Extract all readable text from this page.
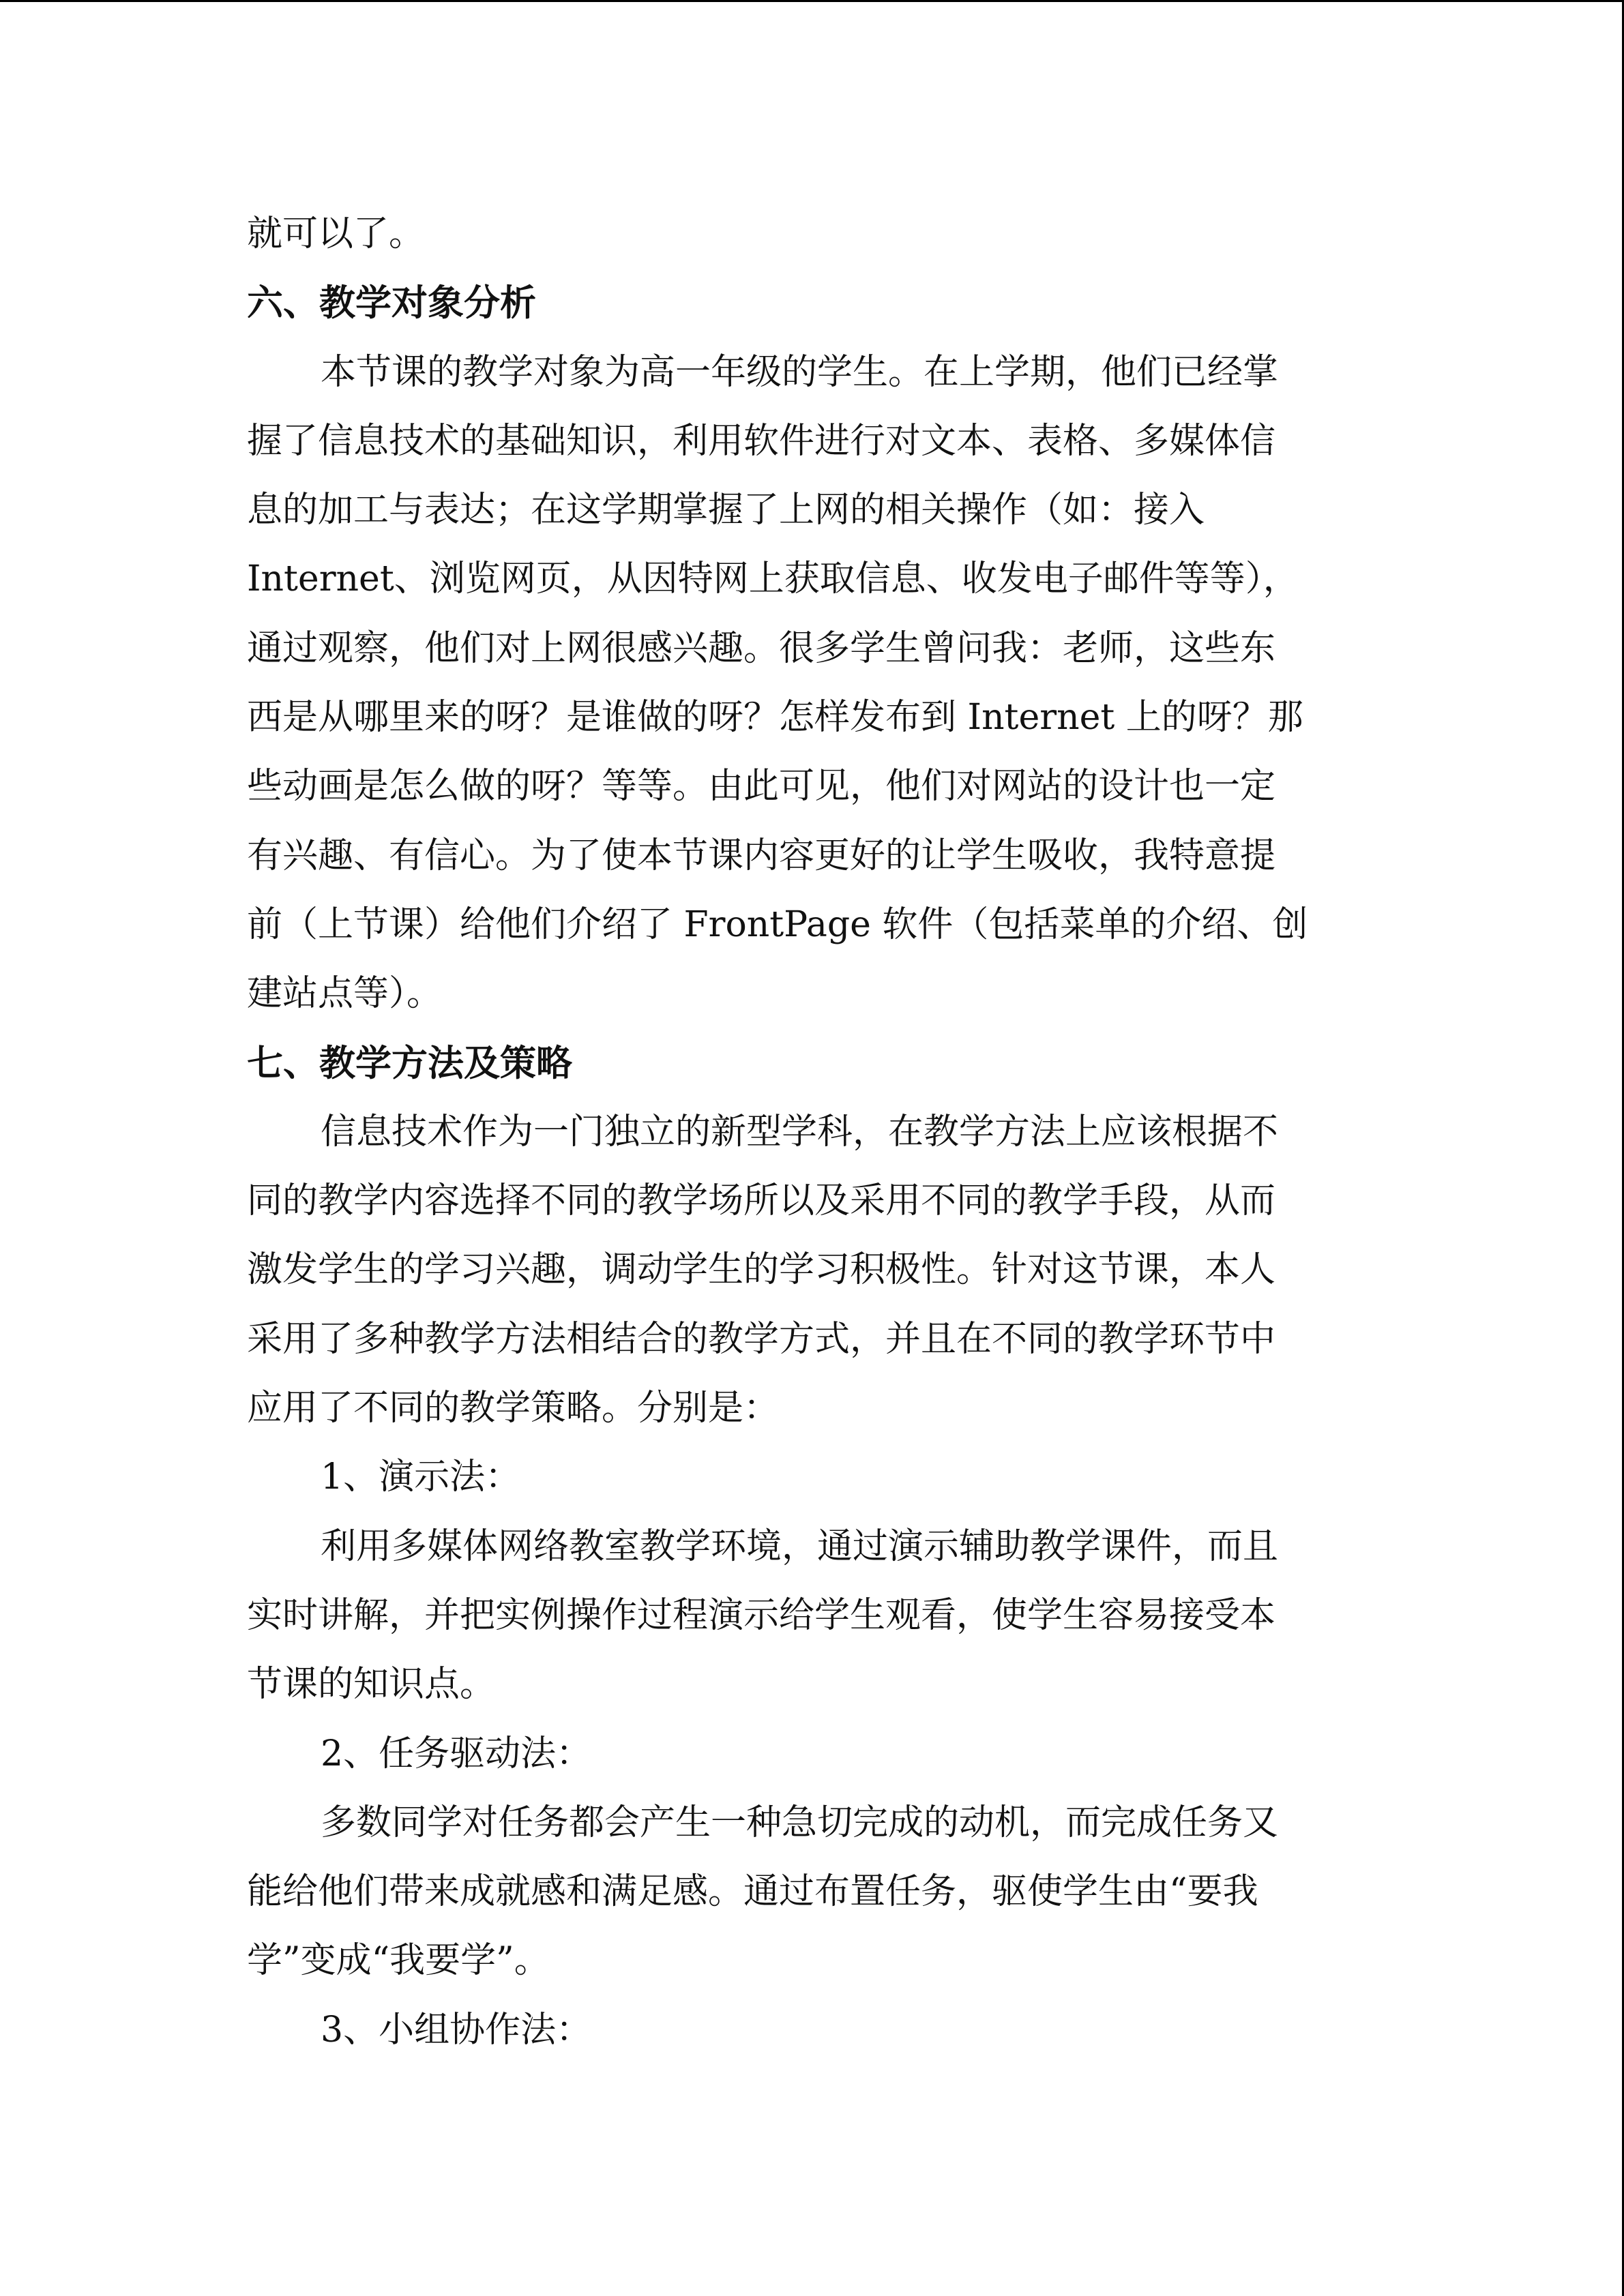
就可以了。
六、教学对象分析
本节课的教学对象为高一年级的学生。在上学期，他们已经掌
握了信息技术的基础知识，利用软件进行对文本、表格、多媒体信
息的加工与表达；在这学期掌握了上网的相关操作（如：接入
Internet、浏览网页，从因特网上获取信息、收发电子邮件等等），
通过观察，他们对上网很感兴趣。很多学生曾问我：老师，这些东
西是从哪里来的呀？是谁做的呀？怎样发布到 Internet 上的呀？那
些动画是怎么做的呀？等等。由此可见，他们对网站的设计也一定
有兴趣、有信心。为了使本节课内容更好的让学生吸收，我特意提
前（上节课）给他们介绍了 FrontPage 软件（包括菜单的介绍、创
建站点等）。
七、教学方法及策略
信息技术作为一门独立的新型学科，在教学方法上应该根据不
同的教学内容选择不同的教学场所以及采用不同的教学手段，从而
激发学生的学习兴趣，调动学生的学习积极性。针对这节课，本人
采用了多种教学方法相结合的教学方式，并且在不同的教学环节中
应用了不同的教学策略。分别是：
1、演示法：
利用多媒体网络教室教学环境，通过演示辅助教学课件，而且
实时讲解，并把实例操作过程演示给学生观看，使学生容易接受本
节课的知识点。
2、任务驱动法：
多数同学对任务都会产生一种急切完成的动机，而完成任务又
能给他们带来成就感和满足感。通过布置任务，驱使学生由“要我
学”变成“我要学”。
3、小组协作法：
